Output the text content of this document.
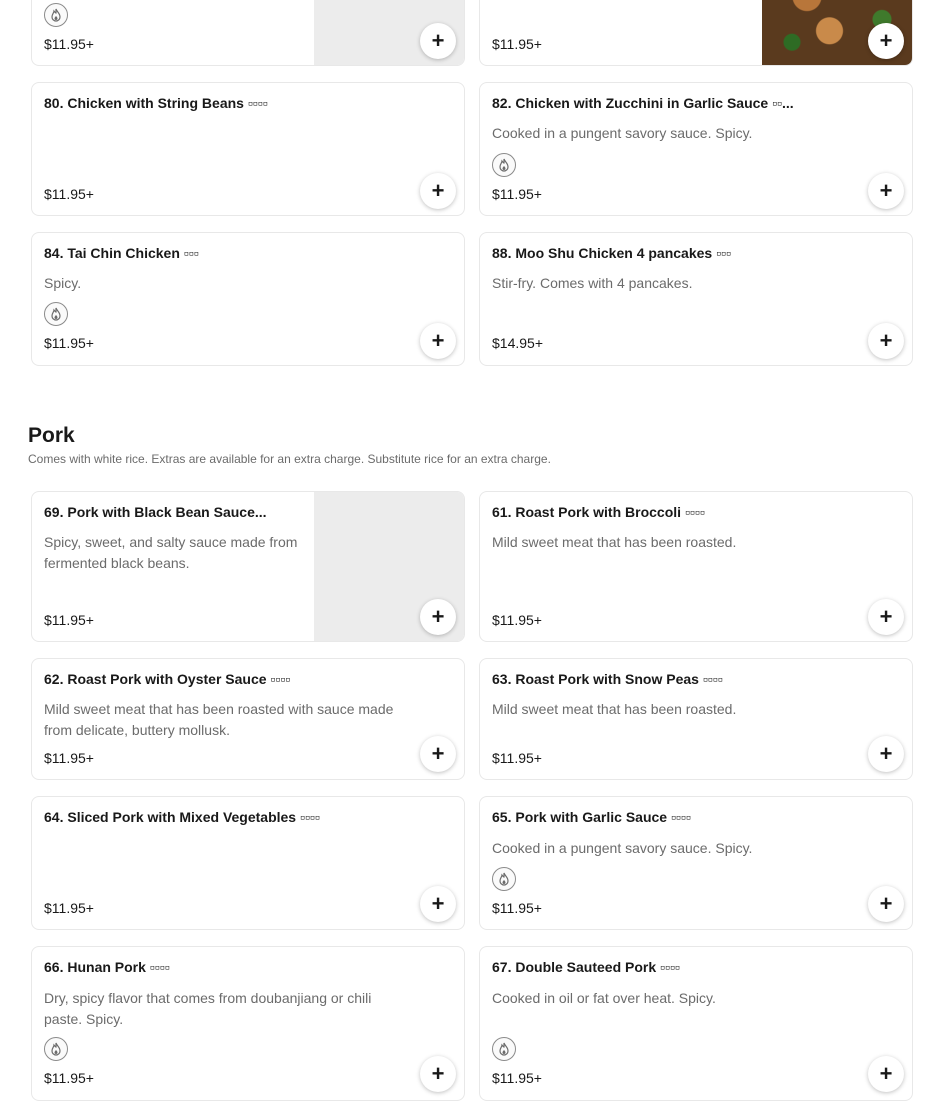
$11.95+	+	$11.95+	+
80. Chicken with String Beans ▫▫▫▫
$11.95+	+
82. Chicken with Zucchini in Garlic Sauce ▫▫...
Cooked in a pungent savory sauce. Spicy.
$11.95+	+
84. Tai Chin Chicken ▫▫▫
Spicy.
$11.95+	+
88. Moo Shu Chicken 4 pancakes ▫▫▫
Stir-fry. Comes with 4 pancakes.
$14.95+	+
Pork

Comes with white rice. Extras are available for an extra charge. Substitute rice for an extra charge.

69. Pork with Black Bean Sauce...
Spicy, sweet, and salty sauce made from fermented black beans.
$11.95+	+
61. Roast Pork with Broccoli ▫▫▫▫
Mild sweet meat that has been roasted.
$11.95+	+
62. Roast Pork with Oyster Sauce ▫▫▫▫
Mild sweet meat that has been roasted with sauce made from delicate, buttery mollusk.
$11.95+	+
63. Roast Pork with Snow Peas ▫▫▫▫
Mild sweet meat that has been roasted.
$11.95+	+
64. Sliced Pork with Mixed Vegetables ▫▫▫▫
$11.95+	+
65. Pork with Garlic Sauce ▫▫▫▫
Cooked in a pungent savory sauce. Spicy.
$11.95+	+
66. Hunan Pork ▫▫▫▫
Dry, spicy flavor that comes from doubanjiang or chili paste. Spicy.
$11.95+	+
67. Double Sauteed Pork ▫▫▫▫
Cooked in oil or fat over heat. Spicy.
$11.95+	+
